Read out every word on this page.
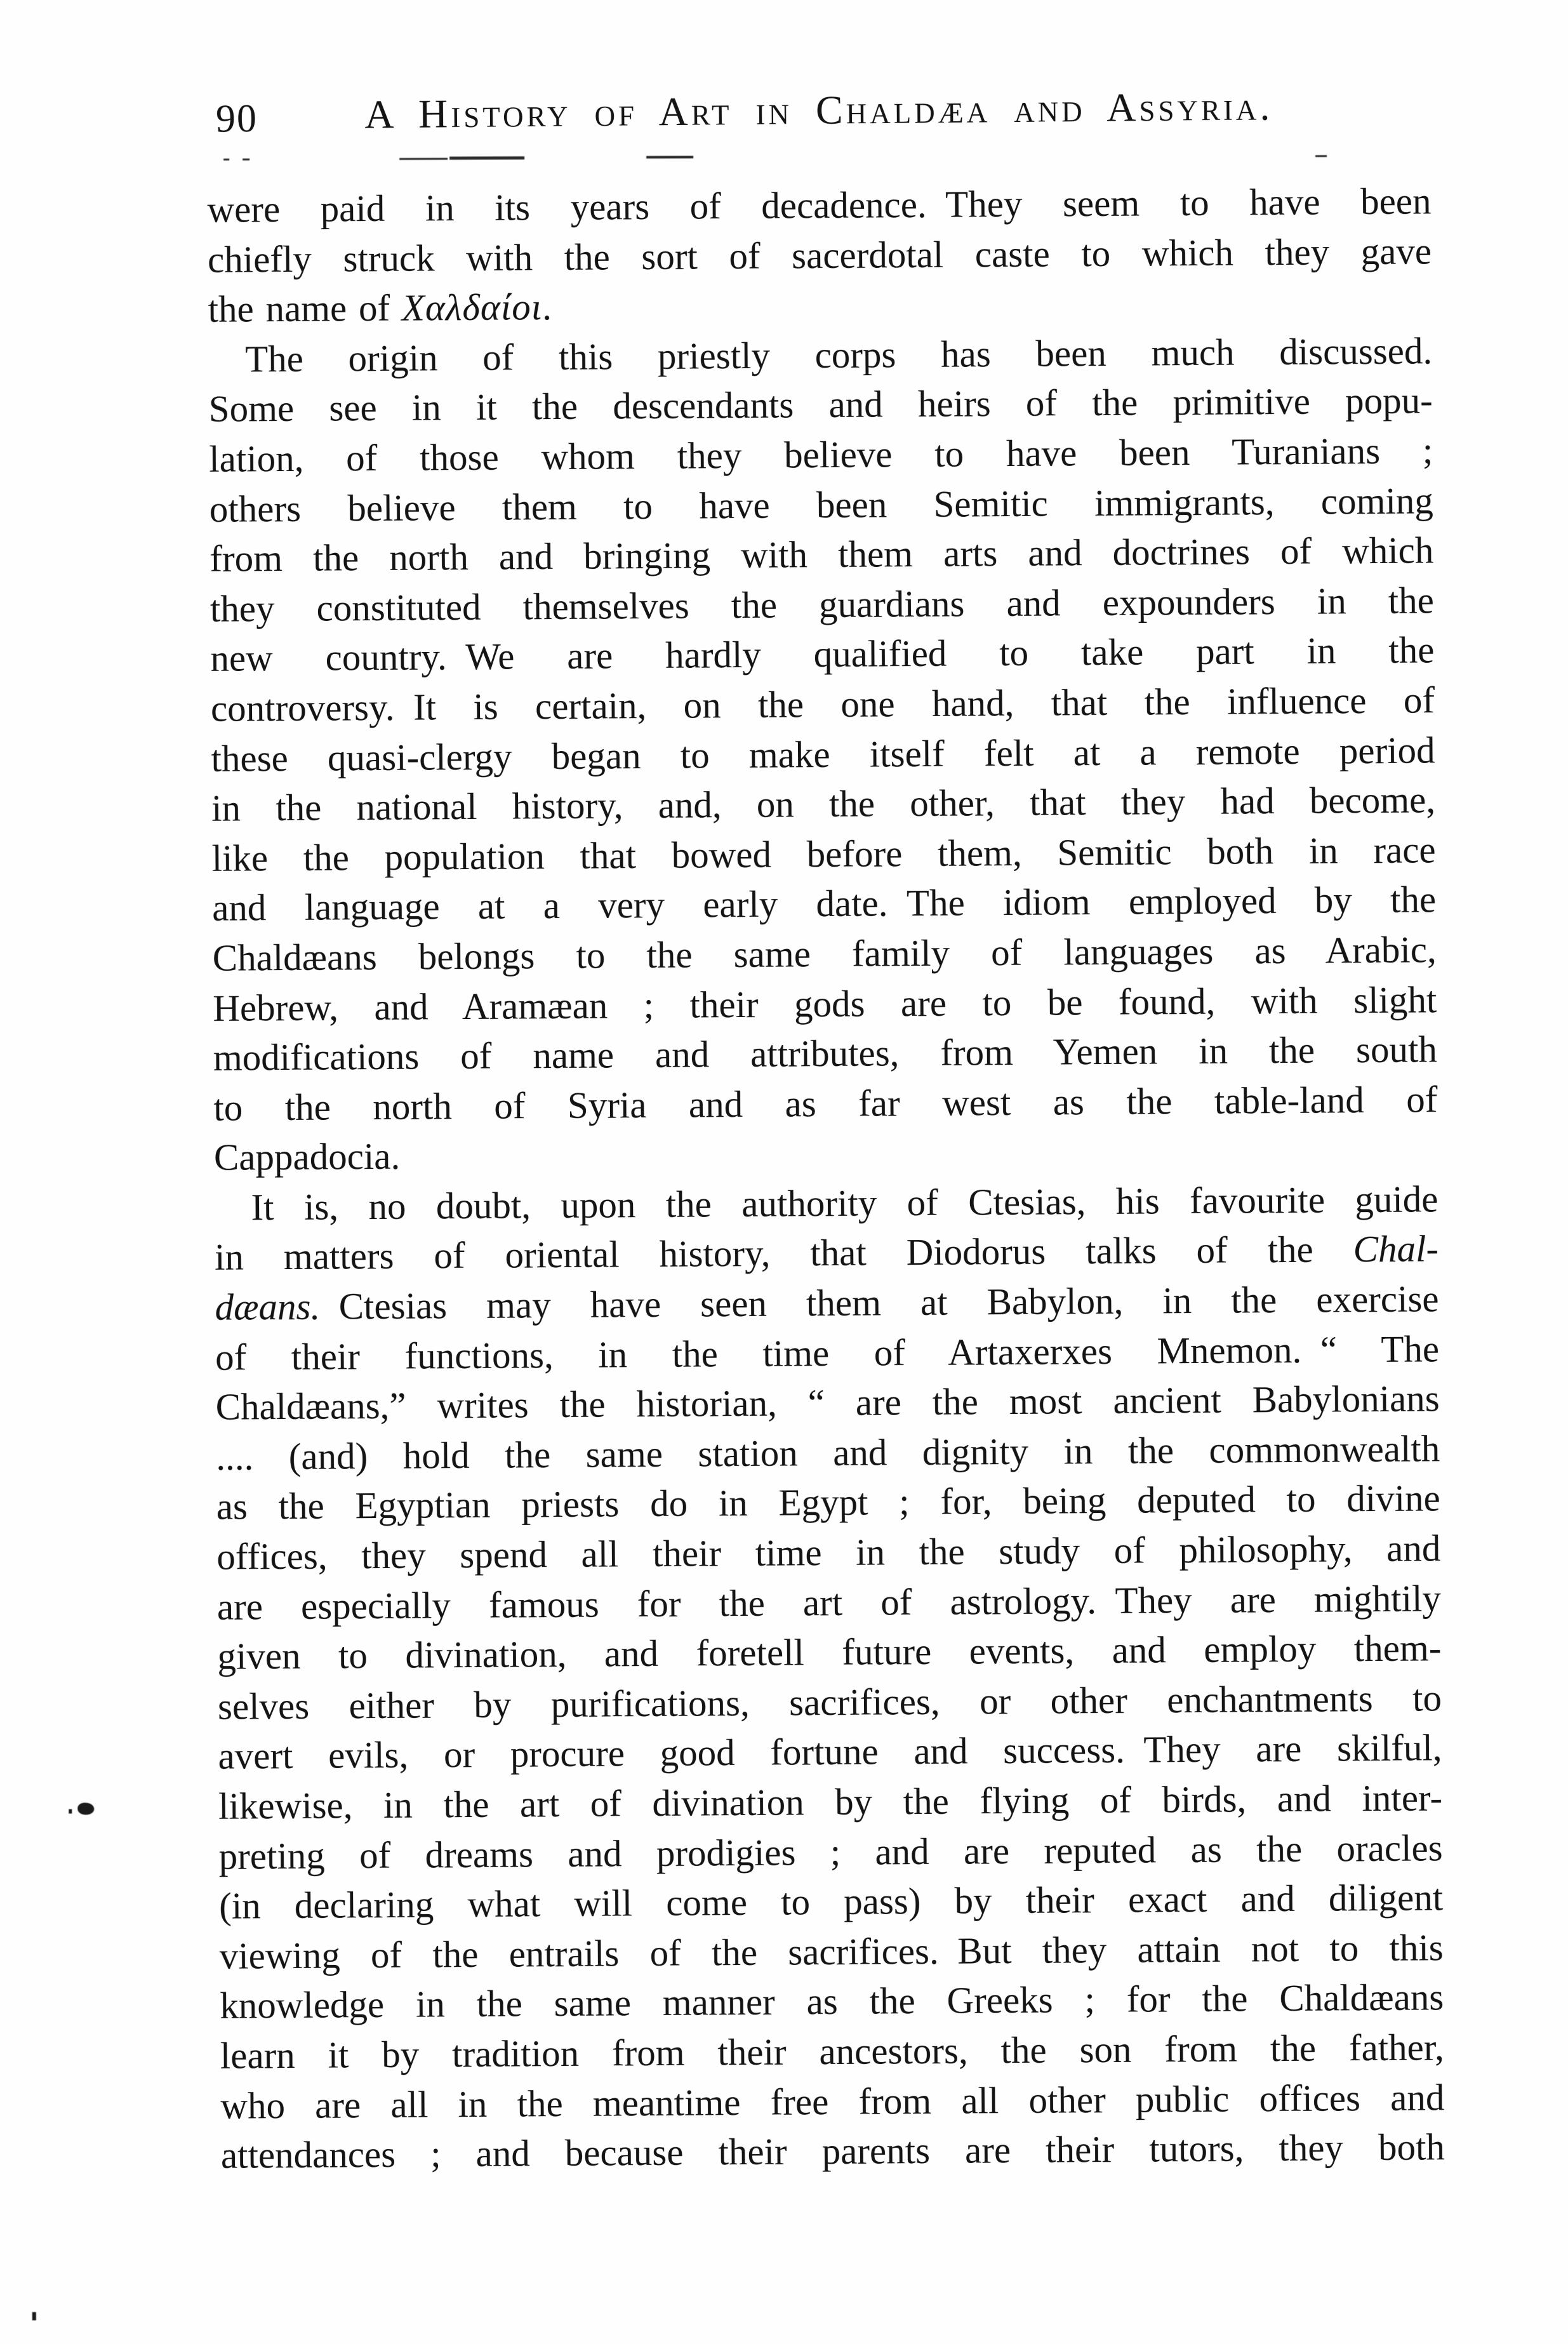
90	A History of Art in Chaldæa and Assyria.
were paid in its years of decadence. They seem to have been
chiefly struck with the sort of sacerdotal caste to which they gave
the name of Χαλδαίοι.
The origin of this priestly corps has been much discussed.
Some see in it the descendants and heirs of the primitive popu-
lation, of those whom they believe to have been Turanians ;
others believe them to have been Semitic immigrants, coming
from the north and bringing with them arts and doctrines of which
they constituted themselves the guardians and expounders in the
new country. We are hardly qualified to take part in the
controversy. It is certain, on the one hand, that the influence of
these quasi-clergy began to make itself felt at a remote period
in the national history, and, on the other, that they had become,
like the population that bowed before them, Semitic both in race
and language at a very early date. The idiom employed by the
Chaldæans belongs to the same family of languages as Arabic,
Hebrew, and Aramæan ; their gods are to be found, with slight
modifications of name and attributes, from Yemen in the south
to the north of Syria and as far west as the table-land of
Cappadocia.
It is, no doubt, upon the authority of Ctesias, his favourite guide
in matters of oriental history, that Diodorus talks of the Chal-
dæans. Ctesias may have seen them at Babylon, in the exercise
of their functions, in the time of Artaxerxes Mnemon. “ The
Chaldæans,” writes the historian, “ are the most ancient Babylonians
.... (and) hold the same station and dignity in the commonwealth
as the Egyptian priests do in Egypt ; for, being deputed to divine
offices, they spend all their time in the study of philosophy, and
are especially famous for the art of astrology. They are mightily
given to divination, and foretell future events, and employ them-
selves either by purifications, sacrifices, or other enchantments to
avert evils, or procure good fortune and success. They are skilful,
likewise, in the art of divination by the flying of birds, and inter-
preting of dreams and prodigies ; and are reputed as the oracles
(in declaring what will come to pass) by their exact and diligent
viewing of the entrails of the sacrifices. But they attain not to this
knowledge in the same manner as the Greeks ; for the Chaldæans
learn it by tradition from their ancestors, the son from the father,
who are all in the meantime free from all other public offices and
attendances ; and because their parents are their tutors, they both
